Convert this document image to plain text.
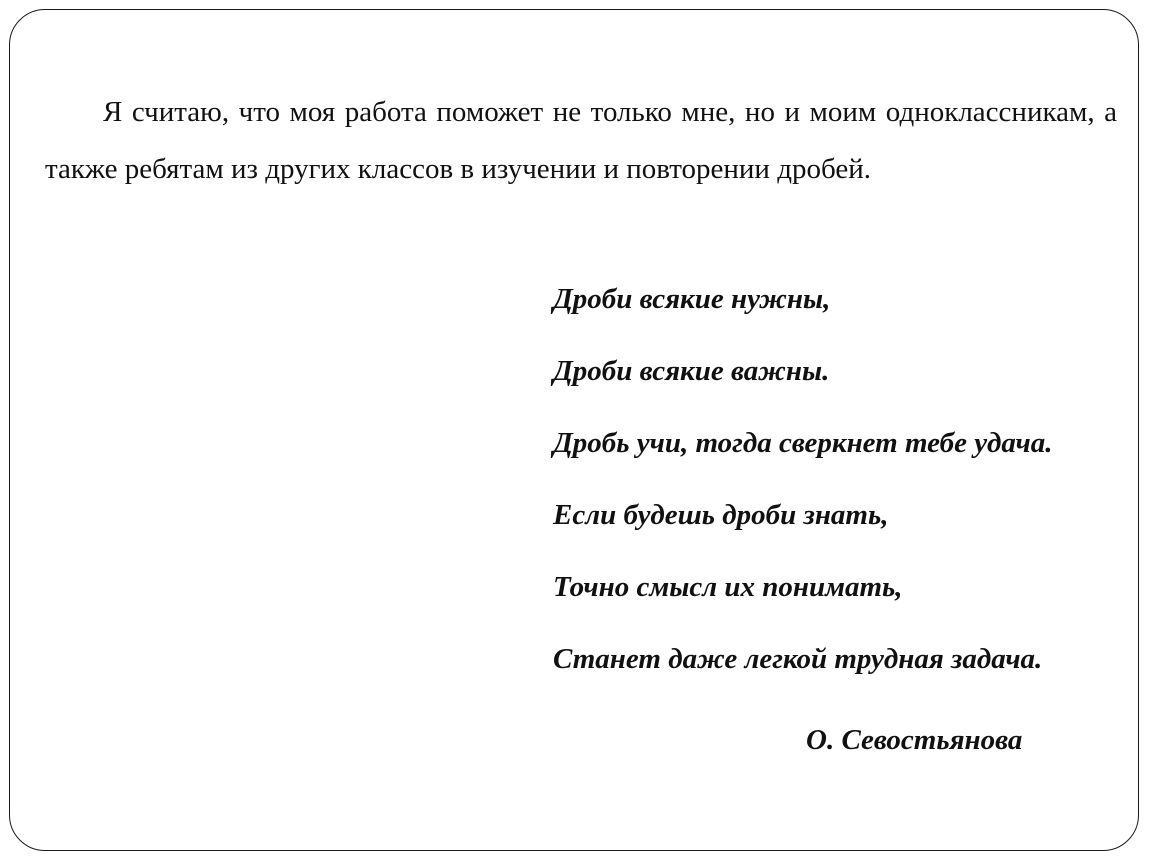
Я считаю, что моя работа поможет не только мне, но и моим одноклассникам, а также ребятам из других классов в изучении и повторении дробей.

Дроби всякие нужны,
Дроби всякие важны.
Дробь учи, тогда сверкнет тебе удача.
Если будешь дроби знать,
Точно смысл их понимать,
Станет даже легкой трудная задача.
О. Севостьянова
